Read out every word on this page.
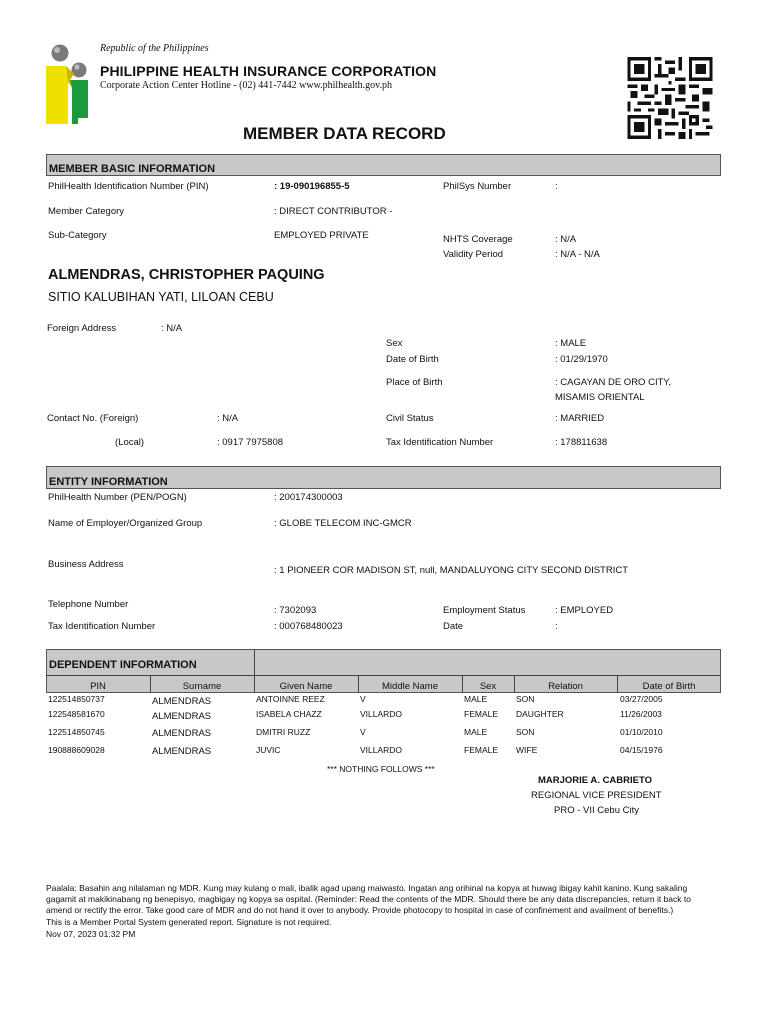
Republic of the Philippines
PHILIPPINE HEALTH INSURANCE CORPORATION
Corporate Action Center Hotline - (02) 441-7442 www.philhealth.gov.ph
MEMBER DATA RECORD
MEMBER BASIC INFORMATION
PhilHealth Identification Number (PIN)	: 19-090196855-5	PhilSys Number	:
Member Category	: DIRECT CONTRIBUTOR -
Sub-Category	EMPLOYED PRIVATE	NHTS Coverage	: N/A
Validity Period	: N/A - N/A
ALMENDRAS, CHRISTOPHER PAQUING
SITIO KALUBIHAN YATI, LILOAN CEBU
Foreign Address	: N/A
Sex	: MALE
Date of Birth	: 01/29/1970
Place of Birth	: CAGAYAN DE ORO CITY,
MISAMIS ORIENTAL
Contact No. (Foreign)	: N/A	Civil Status	: MARRIED
(Local)	: 0917 7975808	Tax Identification Number	: 178811638
ENTITY INFORMATION
PhilHealth Number (PEN/POGN)	: 200174300003
Name of Employer/Organized Group	: GLOBE TELECOM INC-GMCR
Business Address
: 1 PIONEER COR MADISON ST, null, MANDALUYONG CITY SECOND DISTRICT
Telephone Number
: 7302093	Employment Status	: EMPLOYED
Tax Identification Number	: 000768480023	Date	:
DEPENDENT INFORMATION
PIN	Surname	Given Name	Middle Name	Sex	Relation	Date of Birth
122514850737	ALMENDRAS	ANTOINNE REEZ	V	MALE	SON	03/27/2005
122548581670	ALMENDRAS	ISABELA CHAZZ	VILLARDO	FEMALE DAUGHTER	11/26/2003
122514850745	ALMENDRAS	DMITRI RUZZ	V	MALE	SON	01/10/2010
190888609028	ALMENDRAS	JUVIC	VILLARDO	FEMALE WIFE	04/15/1976
*** NOTHING FOLLOWS ***
MARJORIE A. CABRIETO
REGIONAL VICE PRESIDENT
PRO - VII Cebu City
Paalala: Basahin ang nilalaman ng MDR. Kung may kulang o mali, ibalik agad upang maiwasto. Ingatan ang orihinal na kopya at huwag ibigay kahit kanino. Kung sakaling gagamit at makikinabang ng benepisyo, magbigay ng kopya sa ospital. (Reminder: Read the contents of the MDR. Should there be any data discrepancies, return it back to amend or rectify the error. Take good care of MDR and do not hand it over to anybody. Provide photocopy to hospital in case of confinement and availment of benefits.)
This is a Member Portal System generated report. Signature is not required.
Nov 07, 2023 01:32 PM
